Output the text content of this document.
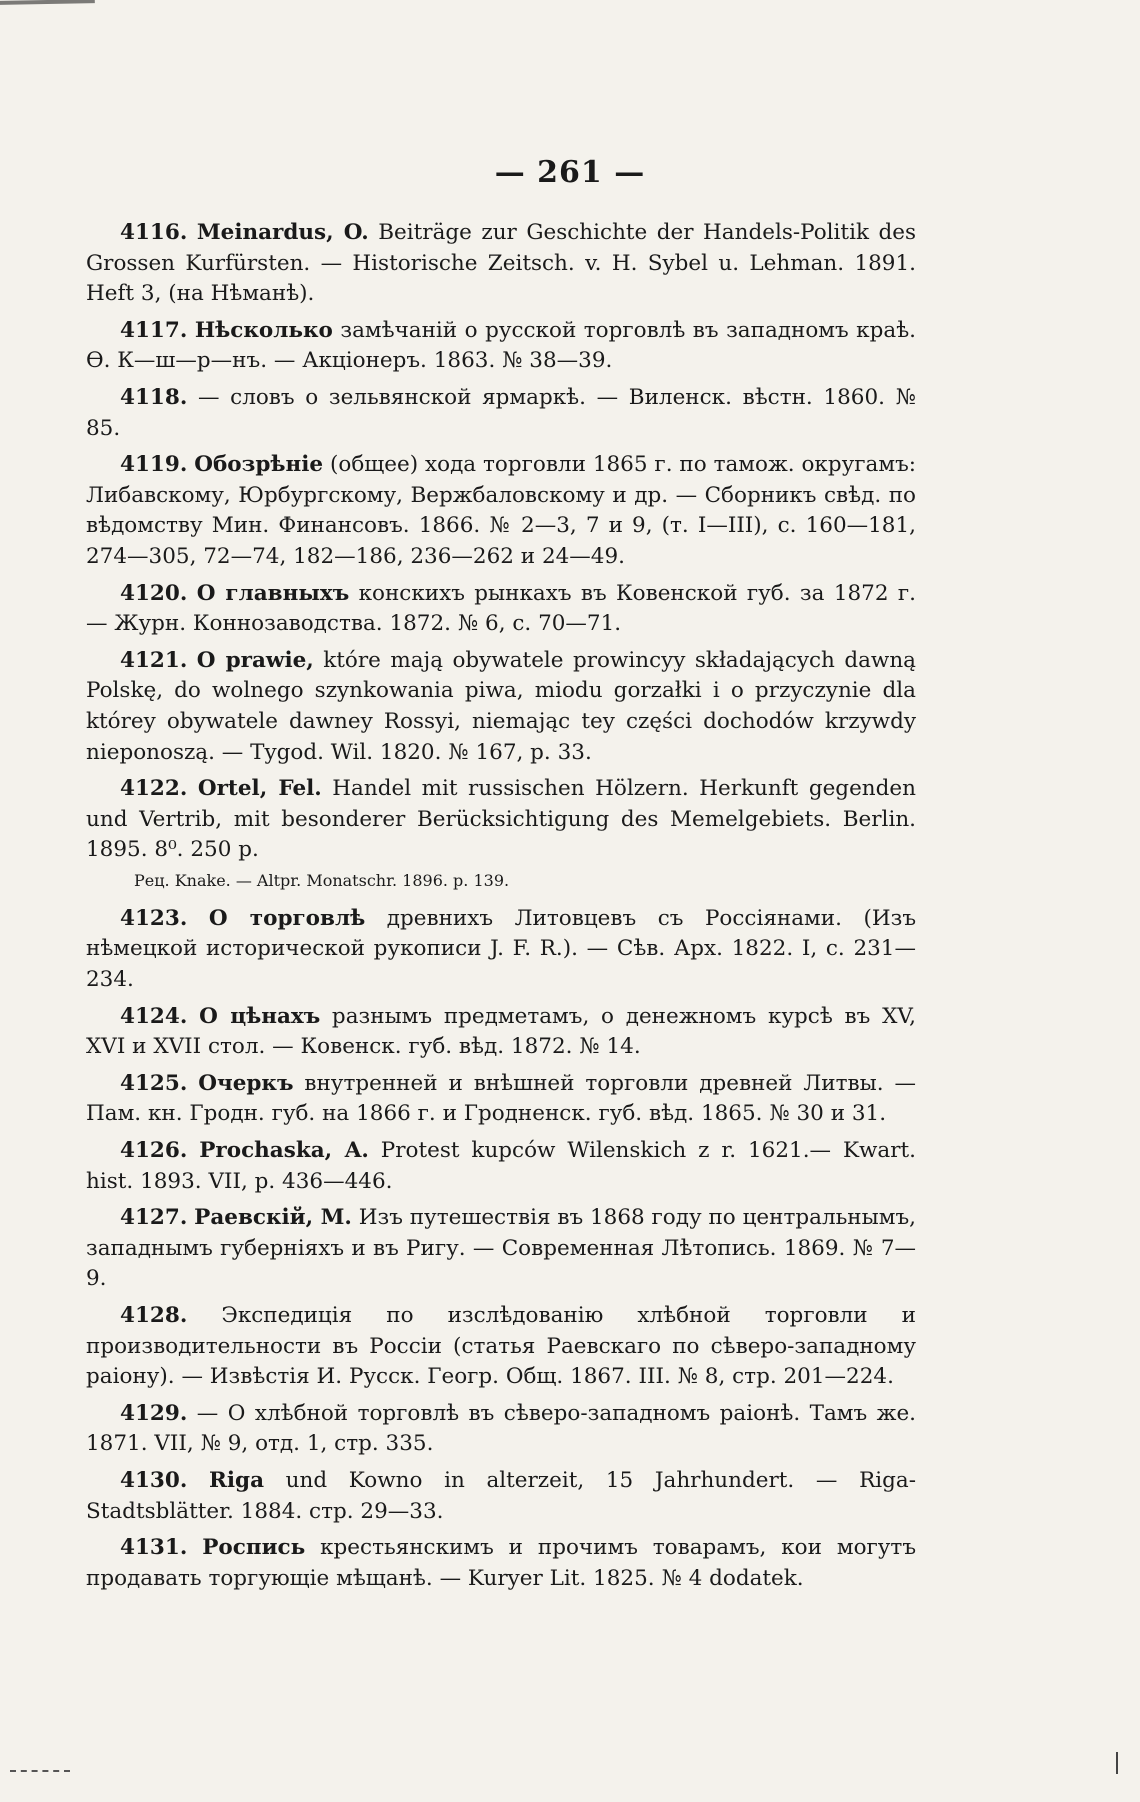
— 261 —

4116. Meinardus, O. Beiträge zur Geschichte der Handels-Politik des Grossen Kurfürsten. — Historische Zeitsch. v. H. Sybel u. Lehman. 1891. Heft 3, (на Нѣманѣ).

4117. Нѣсколько замѣчаній о русской торговлѣ въ западномъ краѣ. Ѳ. К—ш—р—нъ. — Акціонеръ. 1863. № 38—39.

4118. — словъ о зельвянской ярмаркѣ. — Виленск. вѣстн. 1860. № 85.

4119. Обозрѣніе (общее) хода торговли 1865 г. по тамож. округамъ: Либавскому, Юрбургскому, Вержбаловскому и др. — Сборникъ свѣд. по вѣдомству Мин. Финансовъ. 1866. № 2—3, 7 и 9, (т. I—III), с. 160—181, 274—305, 72—74, 182—186, 236—262 и 24—49.

4120. О главныхъ конскихъ рынкахъ въ Ковенской губ. за 1872 г. — Журн. Коннозаводства. 1872. № 6, с. 70—71.

4121. O prawie, które mają obywatele prowincyy składających dawną Polskę, do wolnego szynkowania piwa, miodu gorzałki i o przyczynie dla którey obywatele dawney Rossyi, niemając tey części dochodów krzywdy nieponoszą. — Tygod. Wil. 1820. № 167, p. 33.

4122. Ortel, Fel. Handel mit russischen Hölzern. Herkunft gegenden und Vertrib, mit besonderer Berücksichtigung des Memelgebiets. Berlin. 1895. 8⁰. 250 p.

Рец. Knake. — Altpr. Monatschr. 1896. p. 139.

4123. О торговлѣ древнихъ Литовцевъ съ Россіянами. (Изъ нѣмецкой исторической рукописи J. F. R.). — Сѣв. Арх. 1822. I, с. 231—234.

4124. О цѣнахъ разнымъ предметамъ, о денежномъ курсѣ въ XV, XVI и XVII стол. — Ковенск. губ. вѣд. 1872. № 14.

4125. Очеркъ внутренней и внѣшней торговли древней Литвы. — Пам. кн. Гродн. губ. на 1866 г. и Гродненск. губ. вѣд. 1865. № 30 и 31.

4126. Prochaska, A. Protest kupców Wilenskich z r. 1621.— Kwart. hist. 1893. VII, p. 436—446.

4127. Раевскій, М. Изъ путешествія въ 1868 году по центральнымъ, западнымъ губерніяхъ и въ Ригу. — Современная Лѣтопись. 1869. № 7—9.

4128. Экспедиція по изслѣдованію хлѣбной торговли и производительности въ Россіи (статья Раевскаго по сѣверо-западному раіону). — Извѣстія И. Русск. Геогр. Общ. 1867. III. № 8, стр. 201—224.

4129. — О хлѣбной торговлѣ въ сѣверо-западномъ раіонѣ. Тамъ же. 1871. VII, № 9, отд. 1, стр. 335.

4130. Riga und Kowno in alterzeit, 15 Jahrhundert. — Riga-Stadtsblätter. 1884. стр. 29—33.

4131. Роспись крестьянскимъ и прочимъ товарамъ, кои могутъ продавать торгующіе мѣщанѣ. — Kuryer Lit. 1825. № 4 dodatek.
